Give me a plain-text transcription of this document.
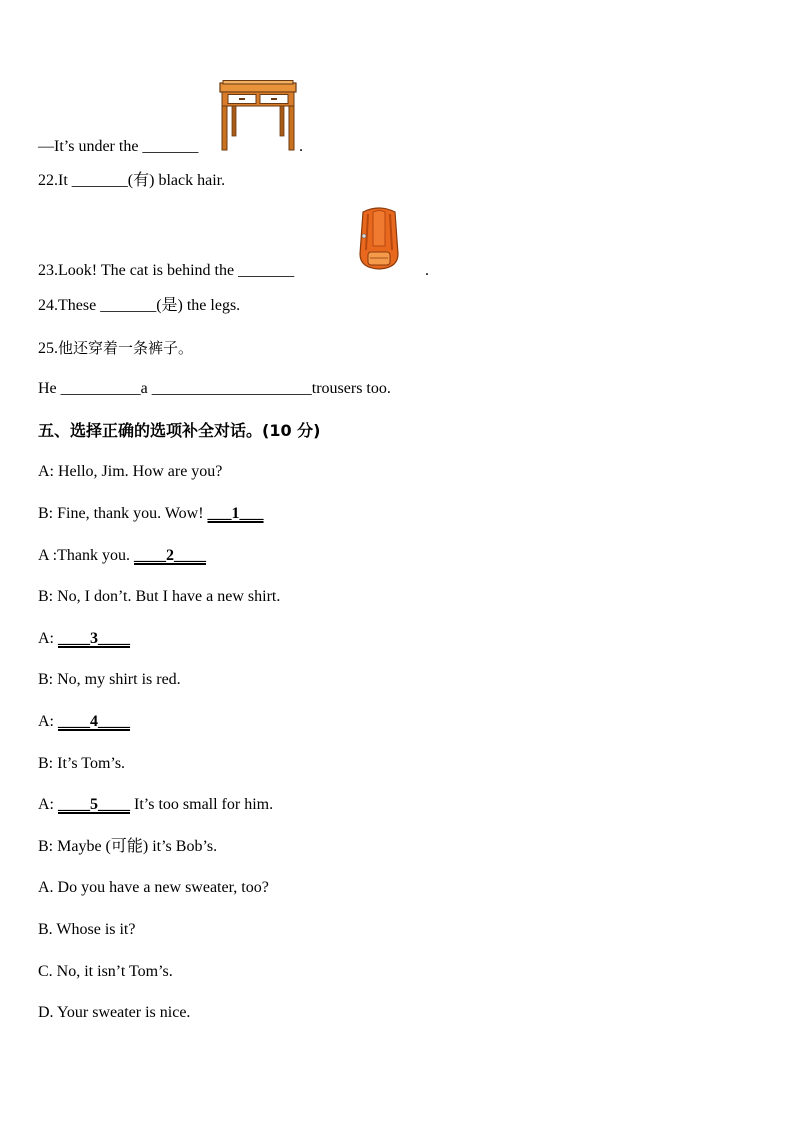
—It’s under the _______	.
22.It _______(有) black hair.
23.Look! The cat is behind the _______	.
24.These _______(是) the legs.
25.他还穿着一条裤子。
He __________a ____________________trousers too.
五、选择正确的选项补全对话。(10 分)
A: Hello, Jim. How are you?
B: Fine, thank you. Wow! ___1___
A :Thank you. ____2____
B: No, I don’t. But I have a new shirt.
A: ____3____
B: No, my shirt is red.
A: ____4____
B: It’s Tom’s.
A: ____5____ It’s too small for him.
B: Maybe (可能) it’s Bob’s.
A. Do you have a new sweater, too?
B. Whose is it?
C. No, it isn’t Tom’s.
D. Your sweater is nice.
